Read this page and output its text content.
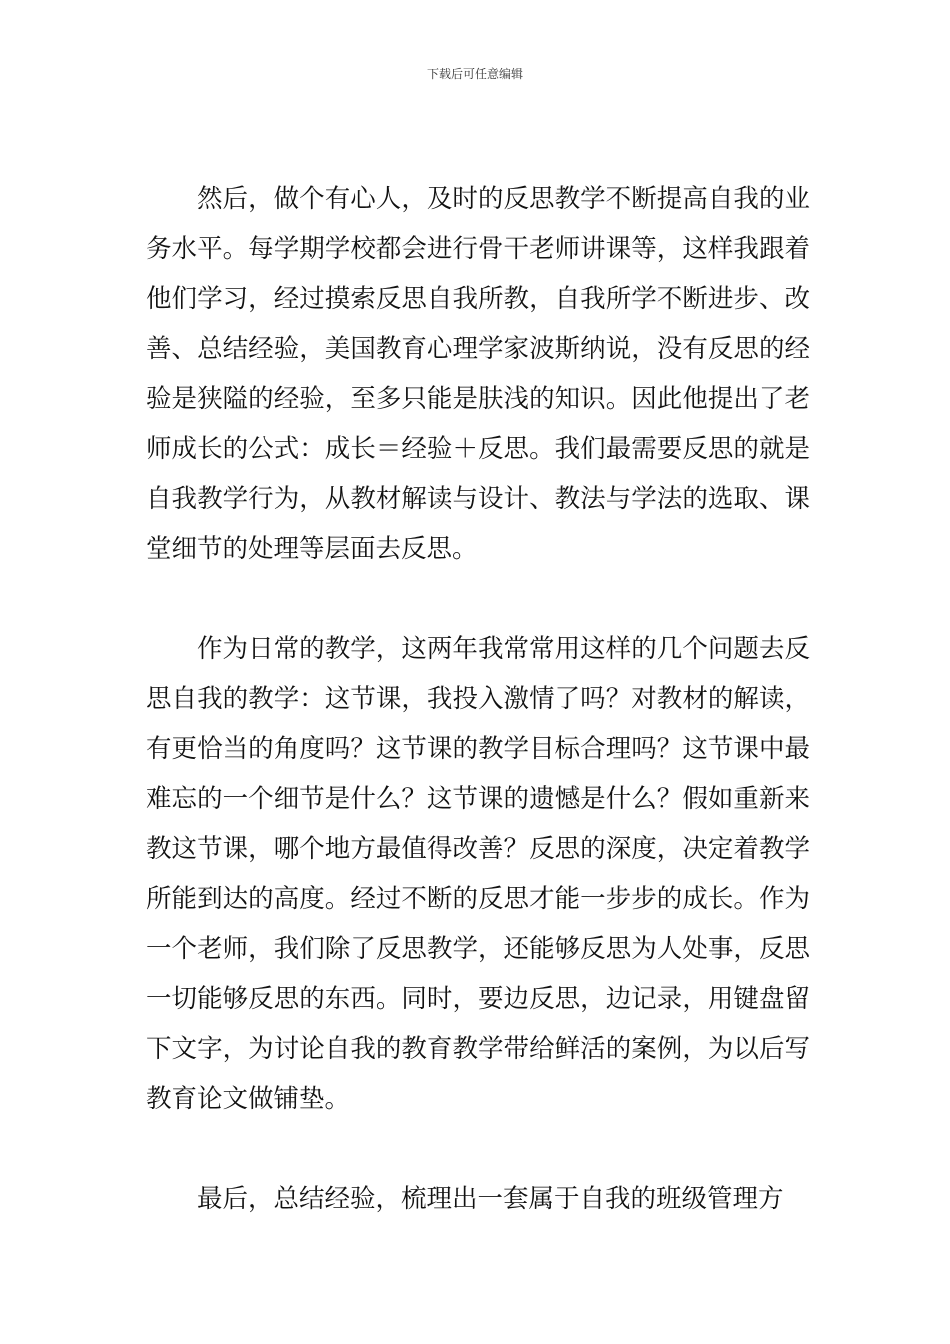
下载后可任意编辑

然后，做个有心人，及时的反思教学不断提高自我的业务水平。每学期学校都会进行骨干老师讲课等，这样我跟着他们学习，经过摸索反思自我所教，自我所学不断进步、改善、总结经验，美国教育心理学家波斯纳说，没有反思的经验是狭隘的经验，至多只能是肤浅的知识。因此他提出了老师成长的公式：成长＝经验＋反思。我们最需要反思的就是自我教学行为，从教材解读与设计、教法与学法的选取、课堂细节的处理等层面去反思。

作为日常的教学，这两年我常常用这样的几个问题去反思自我的教学：这节课，我投入激情了吗？对教材的解读，有更恰当的角度吗？这节课的教学目标合理吗？这节课中最难忘的一个细节是什么？这节课的遗憾是什么？假如重新来教这节课，哪个地方最值得改善？反思的深度，决定着教学所能到达的高度。经过不断的反思才能一步步的成长。作为一个老师，我们除了反思教学，还能够反思为人处事，反思一切能够反思的东西。同时，要边反思，边记录，用键盘留下文字，为讨论自我的教育教学带给鲜活的案例，为以后写教育论文做铺垫。

最后，总结经验，梳理出一套属于自我的班级管理方
